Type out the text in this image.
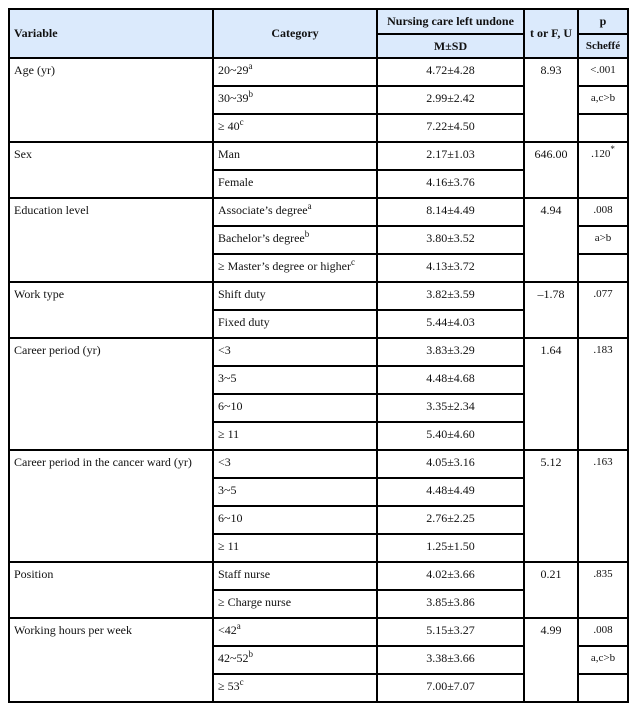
Variable	Category	Nursing care left undone	t or F, U	p
		M±SD		Scheffé
Age (yr)	20~29$^a$	4.72±4.28	8.93	<.001
	30~39$^b$	2.99±2.42		a,c>b
	≥ $40^c$	7.22±4.50		
Sex	Man	2.17±1.03	646.00	.120*
	Female	4.16±3.76		
Education level	Associate’s degree$^a$	8.14±4.49	4.94	.008
	Bachelor’s degree$^b$	3.80±3.52		a>b
	≥ Master’s degree or higher$^c$	4.13±3.72		
Work type	Shift duty	3.82±3.59	–1.78	.077
	Fixed duty	5.44±4.03		
Career period (yr)	<3	3.83±3.29	1.64	.183
	3~5	4.48±4.68		
	6~10	3.35±2.34		
	≥ 11	5.40±4.60		
Career period in the cancer ward (yr)	<3	4.05±3.16	5.12	.163
	3~5	4.48±4.49		
	6~10	2.76±2.25		
	≥ 11	1.25±1.50		
Position	Staff nurse	4.02±3.66	0.21	.835
	≥ Charge nurse	3.85±3.86		
Working hours per week	$<42^a$	5.15±3.27	4.99	.008
	42~52$^b$	3.38±3.66		a,c>b
	≥ $53^c$	7.00±7.07		
